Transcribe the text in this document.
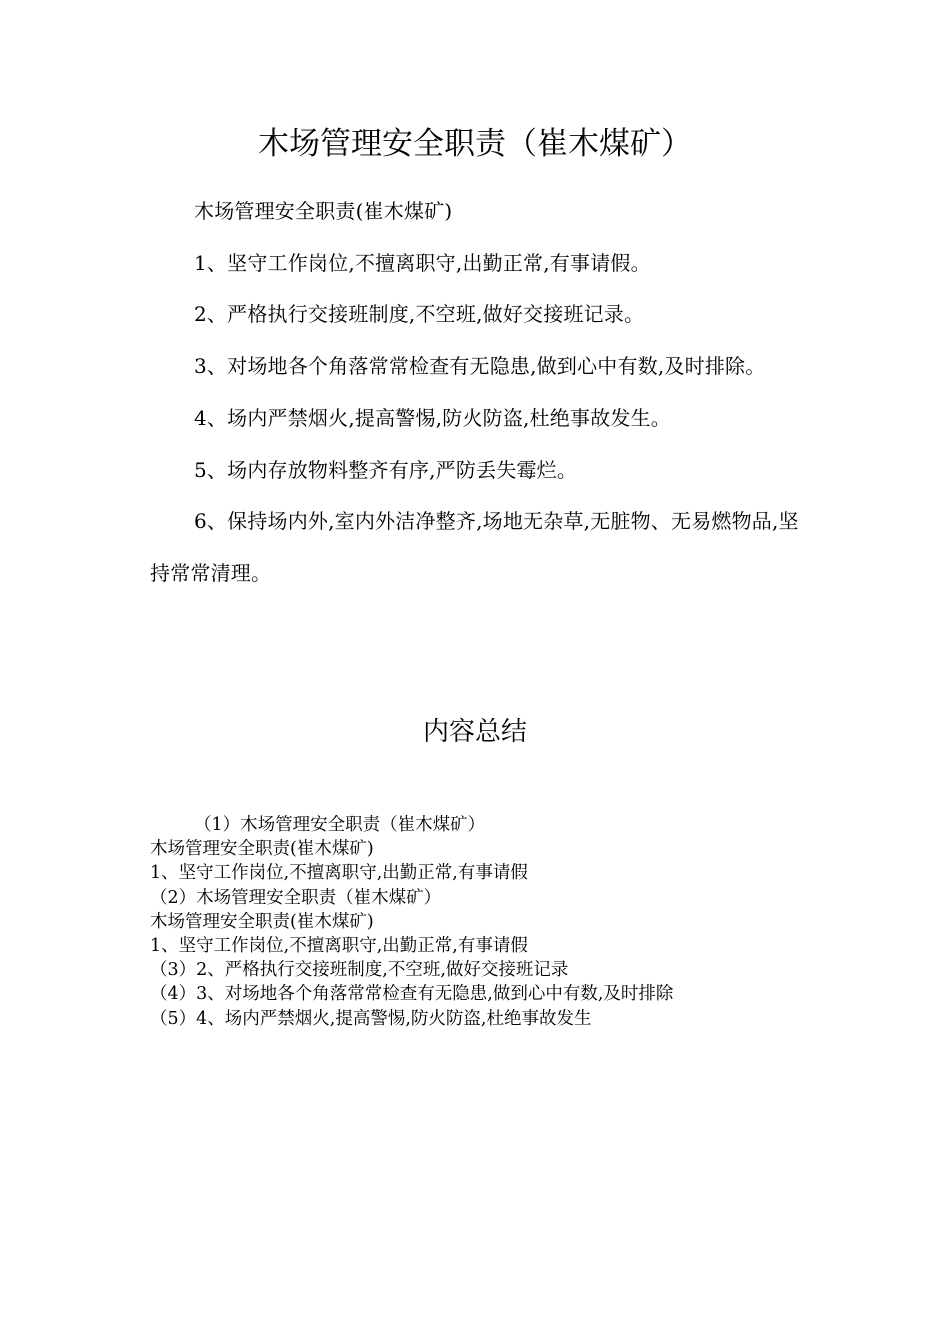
木场管理安全职责（崔木煤矿）

木场管理安全职责(崔木煤矿)

1、坚守工作岗位,不擅离职守,出勤正常,有事请假。

2、严格执行交接班制度,不空班,做好交接班记录。

3、对场地各个角落常常检查有无隐患,做到心中有数,及时排除。

4、场内严禁烟火,提高警惕,防火防盗,杜绝事故发生。

5、场内存放物料整齐有序,严防丢失霉烂。

6、保持场内外,室内外洁净整齐,场地无杂草,无脏物、无易燃物品,坚持常常清理。

内容总结
（1）木场管理安全职责（崔木煤矿）
木场管理安全职责(崔木煤矿)
1、坚守工作岗位,不擅离职守,出勤正常,有事请假
（2）木场管理安全职责（崔木煤矿）
木场管理安全职责(崔木煤矿)
1、坚守工作岗位,不擅离职守,出勤正常,有事请假
（3）2、严格执行交接班制度,不空班,做好交接班记录
（4）3、对场地各个角落常常检查有无隐患,做到心中有数,及时排除
（5）4、场内严禁烟火,提高警惕,防火防盗,杜绝事故发生
